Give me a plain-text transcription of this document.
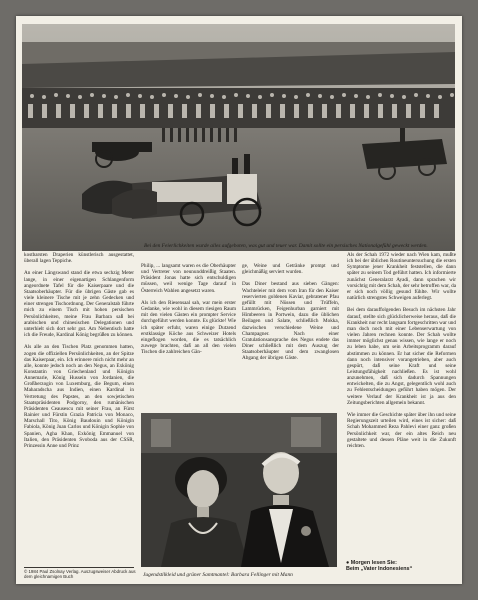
Bei den Feierlichkeiten wurde alles aufgeboten, was gut und teuer war. Damit sollte ein persisches Nationalgefühl geweckt werden.
kostbarsten Draperien künstlerisch ausgestattet, überall lagen Teppiche.

An einer Längswand stand die etwa sechzig Meter lange, in einer eigenartigen Schlangenform angeordnete Tafel für die Kaiserpaare und die Staatsoberhäupter. Für die übrigen Gäste gab es viele kleinere Tische mit je zehn Gedecken und einer strengen Tischordnung. Der Generalstab führte mich zu einem Tisch mit hohen persischen Persönlichkeiten, meine Frau Barbara saß bei arabischen und chinesischen Delegationen und unterhielt sich dort sehr gut. Am Nebentisch hatte ich die Freude, Kardinal König begrüßen zu können.

Als alle an den Tischen Platz genommen hatten, zogen die offiziellen Persönlichkeiten, an der Spitze das Kaiserpaar, ein. Ich erinnere mich nicht mehr an alle, konnte jedoch noch an den Negus, an Exkönig Konstantin von Griechenland und Königin Annemarie, König Hussein von Jordanien, die Großherzogin von Luxemburg, die Begum, einen Maharadscha aus Indien, einen Kardinal in Vertretung des Papstes, an den sowjetischen Staatspräsidenten Podgorny, den rumänischen Präsidenten Ceausescu mit seiner Frau, an Fürst Rainier und Fürstin Grazia Patricia von Monaco, Marschall Tito, König Baudouin und Königin Fabiola, König Juan Carlos und Königin Sophie von Spanien, Agha Khan, Exkönig Emmanuel von Italien, den Präsidenten Svoboda aus der CSSR, Prinzessin Anne und Prinz
Philip, ... langsamt waren es die Oberhäupter und Vertreter von neununddreißig Staaten. Präsident Jonas hatte sich entschuldigen müssen, weil wenige Tage darauf in Österreich Wahlen angesetzt waren.

Als ich den Riesensaal sah, war mein erster Gedanke, wie wohl in diesem riesigen Raum mit den vielen Gästen ein prompter Service durchgeführt werden konnte. Es glückte! Wie ich später erfuhr, waren einige Dutzend erstklassige Köche aus Schweizer Hotels eingeflogen worden, die es tatsächlich zuwege brachten, daß an all den vielen Tischen die zahlreichen Gän-
ge, Weine und Getränke prompt und gleichmäßig serviert wurden.

Das Diner bestand aus sieben Gängen: Wachteleier mit dem vom Iran für den Kaiser reservierten goldenen Kaviar, gebratener Pfau gefüllt mit Nüssen und Trüffeln, Lammrücken, Feigenhurban garniert mit Himbeeren in Portwein, dazu die üblichen Beilagen und Salate, schließlich Mokka, dazwischen verschiedene Weine und Champagner. Nach einer Gratulationsansprache des Negus endete das Diner schließlich mit dem Auszug der Staatsoberhäupter und dem zwanglosen Abgang der übrigen Gäste.
Als der Schah 1972 wieder nach Wien kam, mußte ich bei der üblichen Routineuntersuchung die ersten Symptome jener Krankheit feststellen, die dann später zu seinem Tod geführt hatten. Ich informierte zunächst Generalarzt Ayadi, dann sprachen wir vorsichtig mit dem Schah, der sehr betroffen war, da er sich noch völlig gesund fühlte. Wir wollte natürlich strengstes Schweigen auferlegt.

Bei dem darauffolgenden Besuch im nächsten Jahr darauf, stellte sich glücklicherweise heraus, daß die Krankheit nur recht langsam fortgeschritten war und man doch noch mit einer Lebenserwartung von vielen Jahren rechnen konnte. Der Schah wollte immer möglichst genau wissen, wie lange er noch zu leben habe, um sein Arbeitsprogramm darauf abstimmen zu können. Er hat sicher die Reformen dann noch intensiver vorangetrieben, aber auch gespürt, daß seine Kraft und seine Leistungsfähigkeit nachließen. Es ist wohl anzunehmen, daß sich dadurch Spannungen entwickelten, die zu Angst, gelegentlich wohl auch zu Fehlentscheidungen geführt haben mögen. Der weitere Verlauf der Krankheit ist ja aus den Zeitungsberichten allgemein bekannt.

Wie immer die Geschichte später über ihn und seine Regierungszeit urteilen wird, eines ist sicher: daß Schah Mohammed Reza Pahlevi einer ganz großen Persönlichkeit war, der ein altes Reich neu gestaltete und dessen Pläne weit in die Zukunft reichten.
Jugendstilkleid und grüner Samtmantel: Barbara Fellinger mit Mann
© 1984 Paul Zsolnay Verlag. Auszugsweiser Abdruck aus dem gleichnamigen Buch
● Morgen lesen Sie:
Beim „Vater Indonesiens“
